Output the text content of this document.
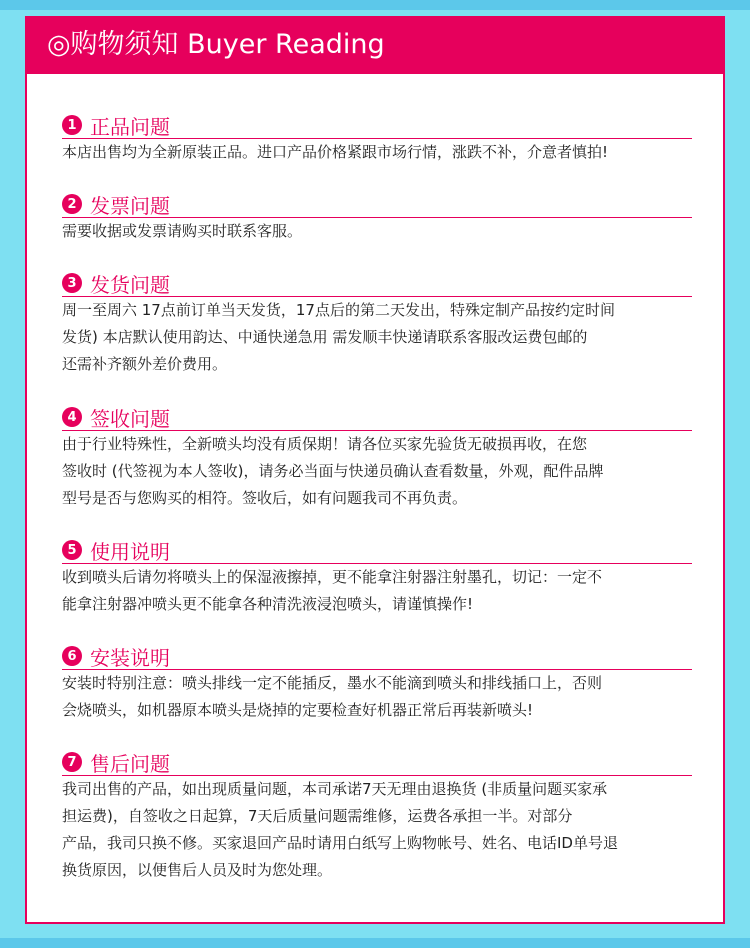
◎购物须知 Buyer Reading
1 正品问题
本店出售均为全新原装正品。进口产品价格紧跟市场行情，涨跌不补，介意者慎拍!
2 发票问题
需要收据或发票请购买时联系客服。
3 发货问题
周一至周六 17点前订单当天发货，17点后的第二天发出，特殊定制产品按约定时间
发货) 本店默认使用韵达、中通快递急用 需发顺丰快递请联系客服改运费包邮的
还需补齐额外差价费用。
4 签收问题
由于行业特殊性，全新喷头均没有质保期！请各位买家先验货无破损再收，在您
签收时 (代签视为本人签收)，请务必当面与快递员确认查看数量，外观，配件品牌
型号是否与您购买的相符。签收后，如有问题我司不再负责。
5 使用说明
收到喷头后请勿将喷头上的保湿液擦掉，更不能拿注射器注射墨孔，切记：一定不
能拿注射器冲喷头更不能拿各种清洗液浸泡喷头，请谨慎操作!
6 安装说明
安装时特别注意：喷头排线一定不能插反，墨水不能滴到喷头和排线插口上，否则
会烧喷头，如机器原本喷头是烧掉的定要检查好机器正常后再装新喷头!
7 售后问题
我司出售的产品，如出现质量问题，本司承诺7天无理由退换货 (非质量问题买家承
担运费)，自签收之日起算，7天后质量问题需维修，运费各承担一半。对部分
产品，我司只换不修。买家退回产品时请用白纸写上购物帐号、姓名、电话ID单号退
换货原因，以便售后人员及时为您处理。
